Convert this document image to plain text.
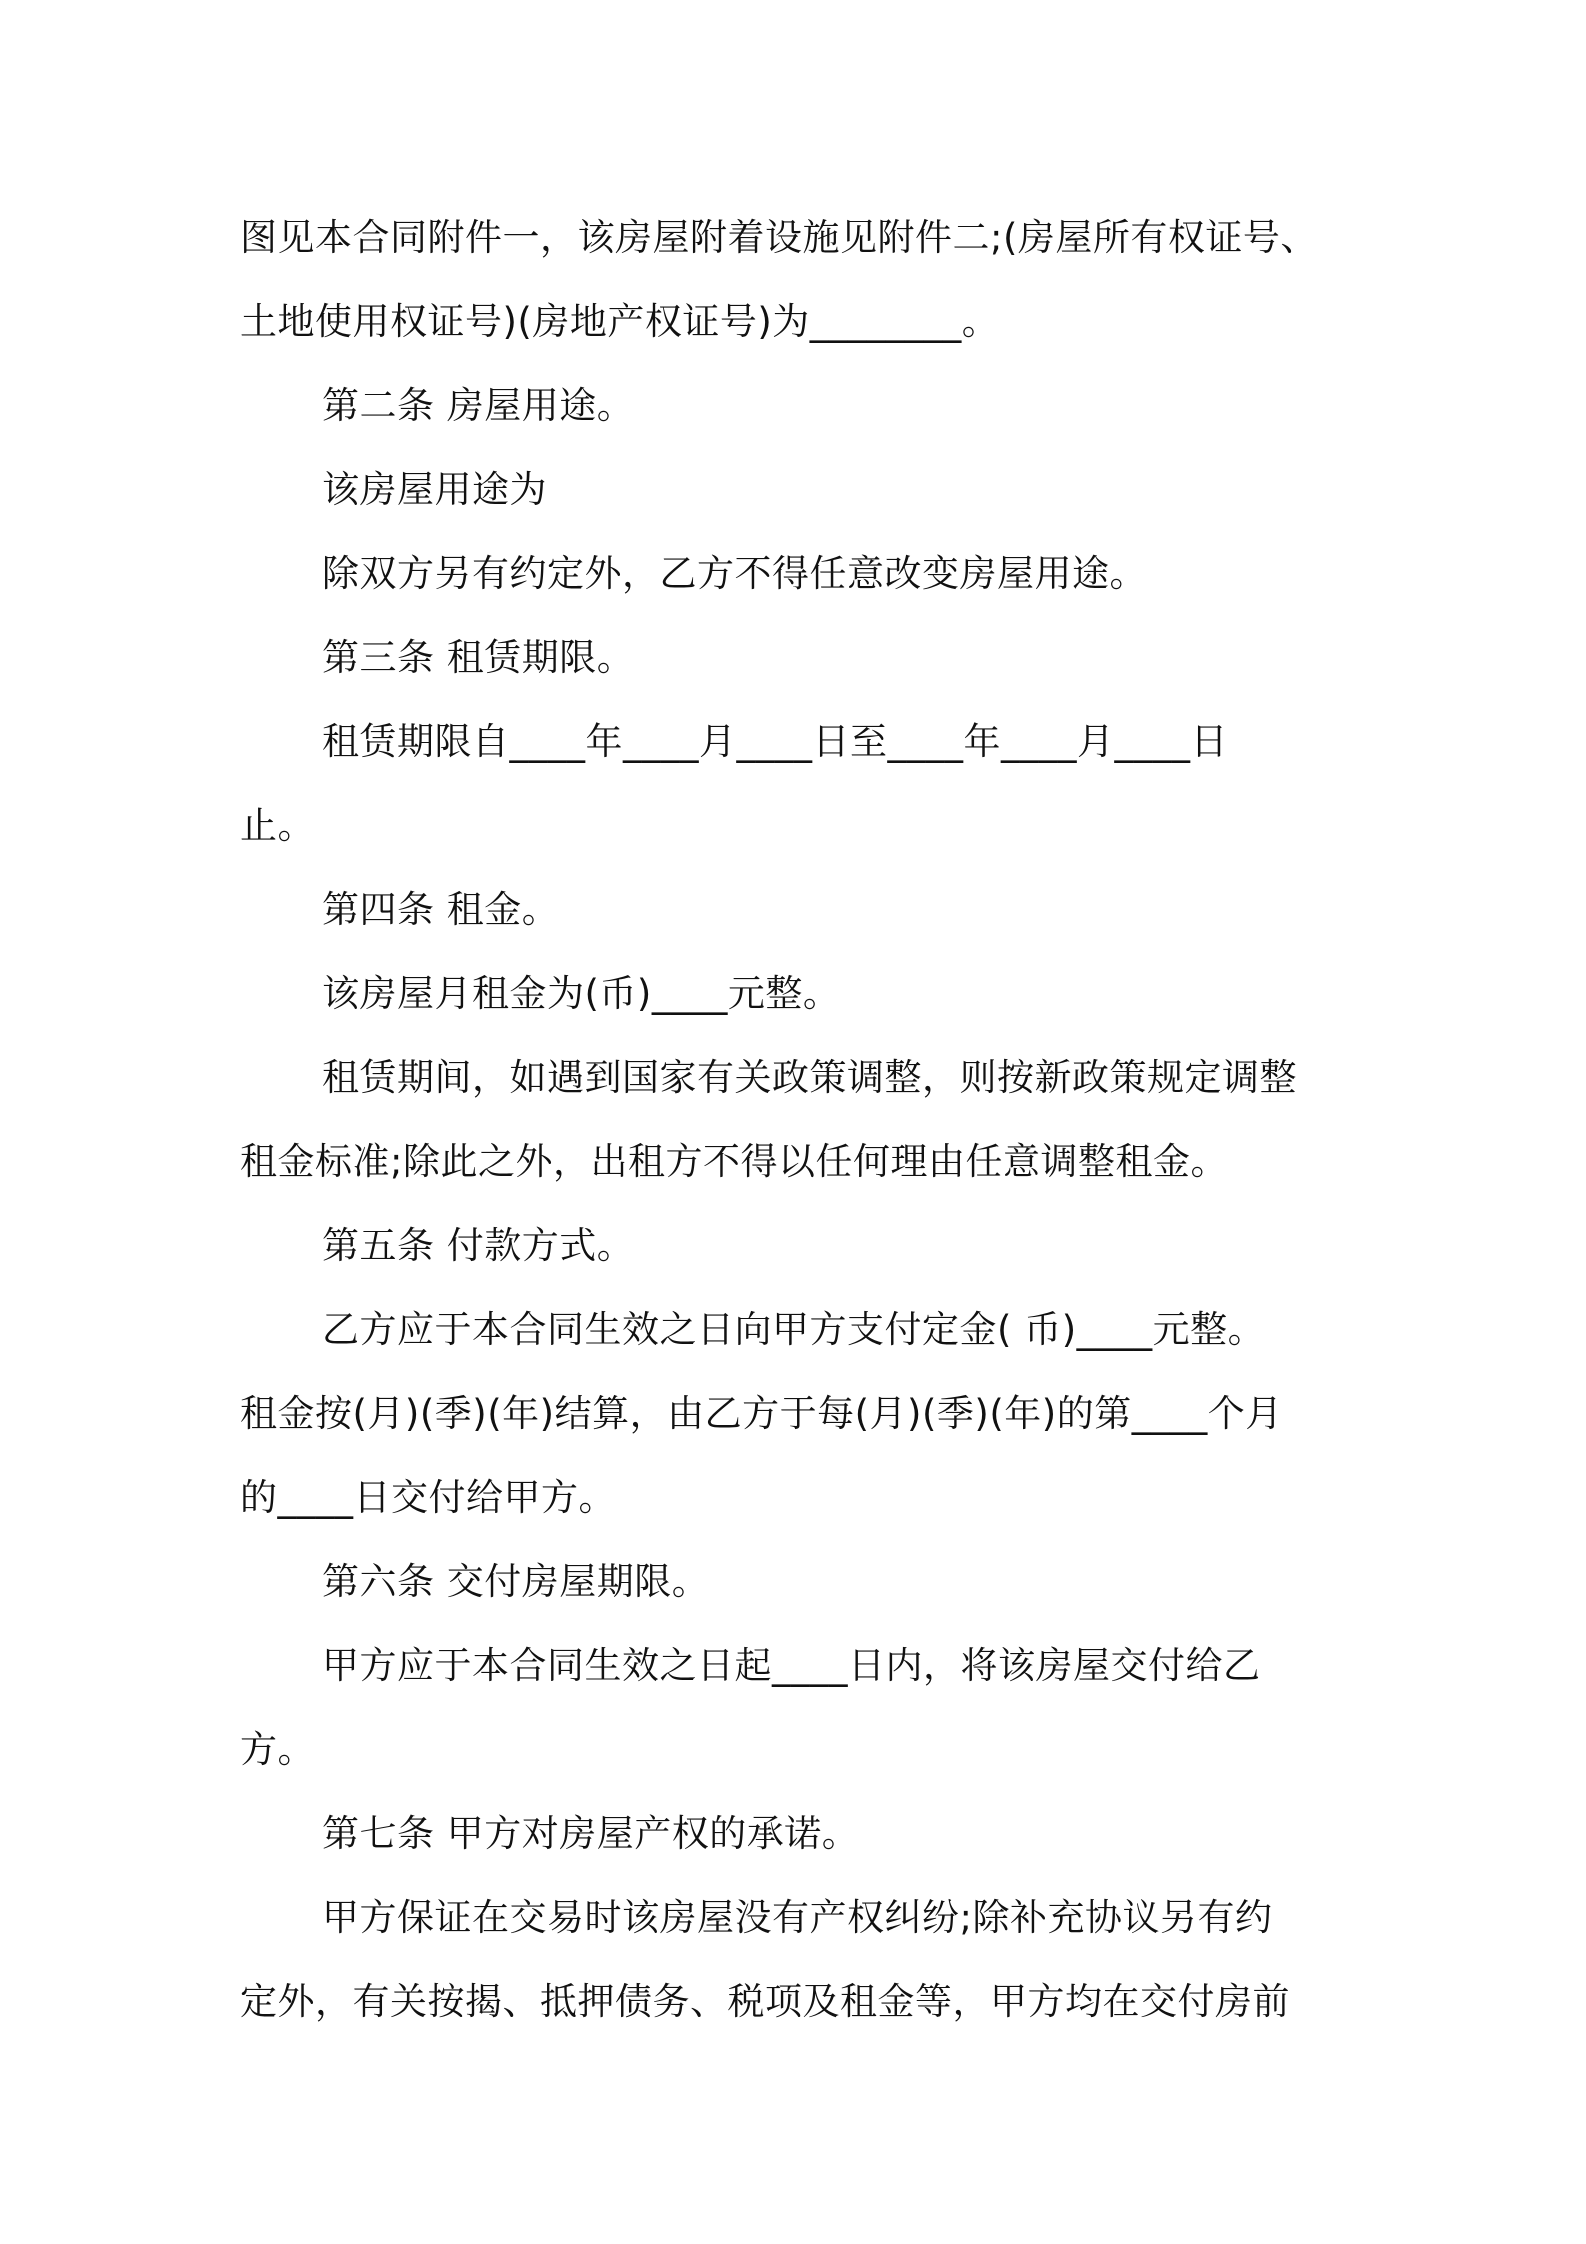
图见本合同附件一，该房屋附着设施见附件二;(房屋所有权证号、
土地使用权证号)(房地产权证号)为________。
第二条 房屋用途。
该房屋用途为
除双方另有约定外，乙方不得任意改变房屋用途。
第三条 租赁期限。
租赁期限自____年____月____日至____年____月____日
止。
第四条 租金。
该房屋月租金为(币)____元整。
租赁期间，如遇到国家有关政策调整，则按新政策规定调整
租金标准;除此之外，出租方不得以任何理由任意调整租金。
第五条 付款方式。
乙方应于本合同生效之日向甲方支付定金( 币)____元整。
租金按(月)(季)(年)结算，由乙方于每(月)(季)(年)的第____个月
的____日交付给甲方。
第六条 交付房屋期限。
甲方应于本合同生效之日起____日内，将该房屋交付给乙
方。
第七条 甲方对房屋产权的承诺。
甲方保证在交易时该房屋没有产权纠纷;除补充协议另有约
定外，有关按揭、抵押债务、税项及租金等，甲方均在交付房前
